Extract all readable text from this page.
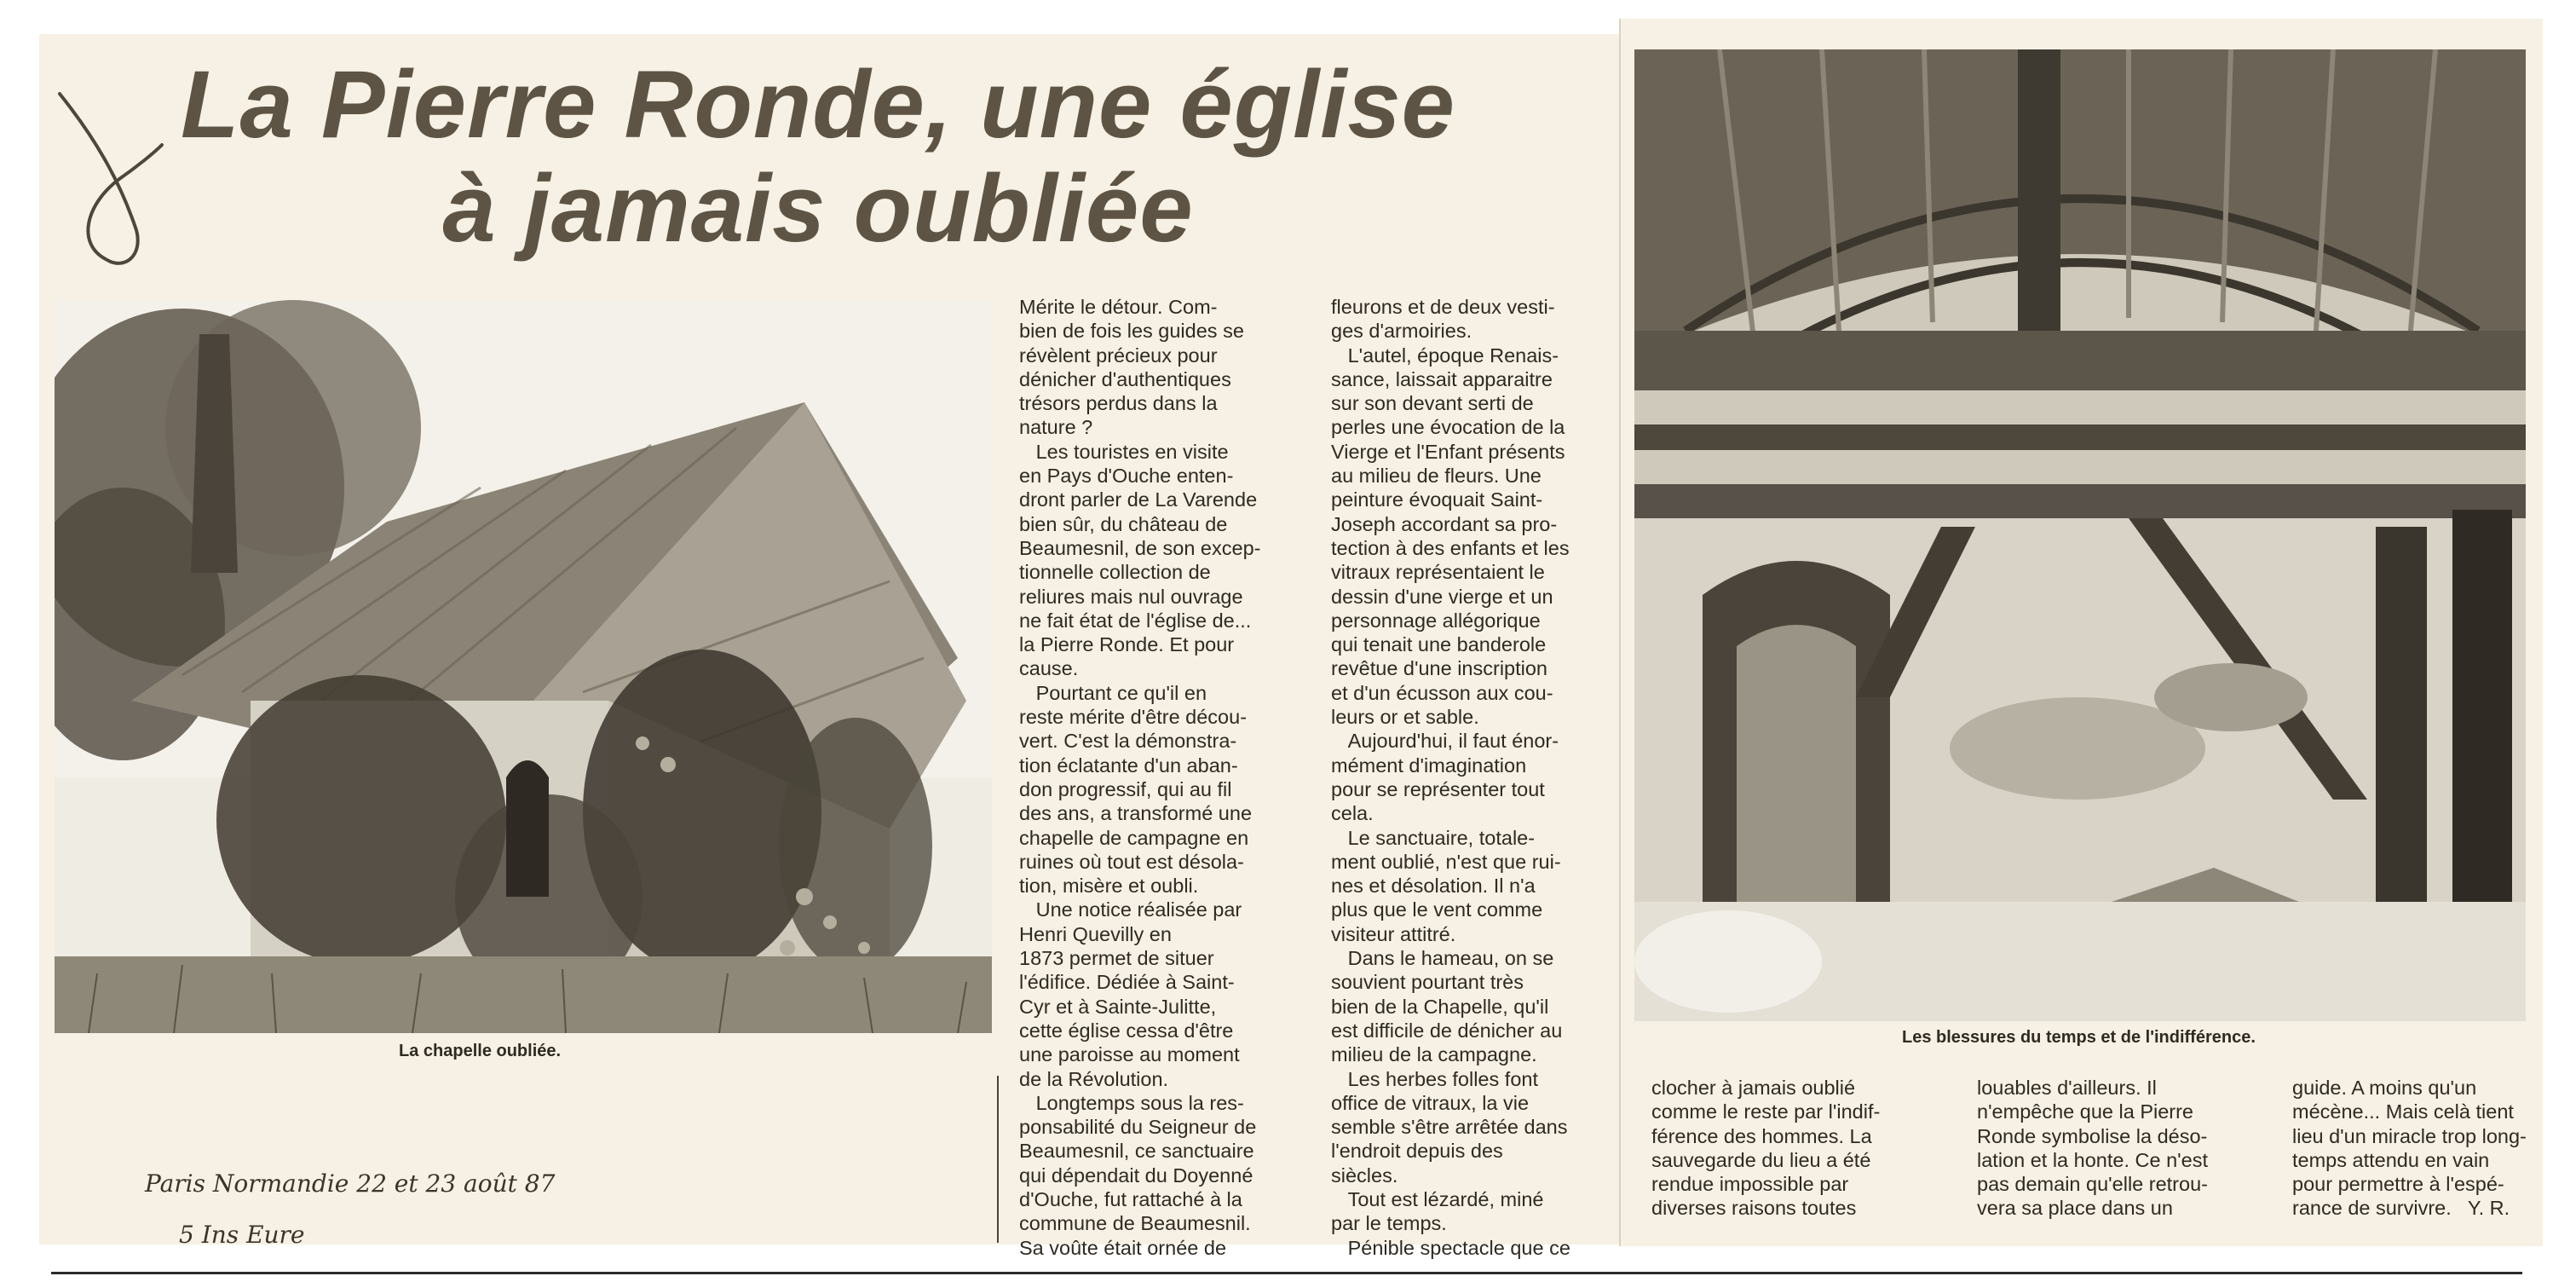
La Pierre Ronde, une église
à jamais oubliée

La chapelle oubliée.

Mérite le détour. Com-
bien de fois les guides se
révèlent précieux pour
dénicher d'authentiques
trésors perdus dans la
nature ?
Les touristes en visite
en Pays d'Ouche enten-
dront parler de La Varende
bien sûr, du château de
Beaumesnil, de son excep-
tionnelle collection de
reliures mais nul ouvrage
ne fait état de l'église de...
la Pierre Ronde. Et pour
cause.
Pourtant ce qu'il en
reste mérite d'être décou-
vert. C'est la démonstra-
tion éclatante d'un aban-
don progressif, qui au fil
des ans, a transformé une
chapelle de campagne en
ruines où tout est désola-
tion, misère et oubli.
Une notice réalisée par
Henri Quevilly en
1873 permet de situer
l'édifice. Dédiée à Saint-
Cyr et à Sainte-Julitte,
cette église cessa d'être
une paroisse au moment
de la Révolution.
Longtemps sous la res-
ponsabilité du Seigneur de
Beaumesnil, ce sanctuaire
qui dépendait du Doyenné
d'Ouche, fut rattaché à la
commune de Beaumesnil.
Sa voûte était ornée de

fleurons et de deux vesti-
ges d'armoiries.
L'autel, époque Renais-
sance, laissait apparaitre
sur son devant serti de
perles une évocation de la
Vierge et l'Enfant présents
au milieu de fleurs. Une
peinture évoquait Saint-
Joseph accordant sa pro-
tection à des enfants et les
vitraux représentaient le
dessin d'une vierge et un
personnage allégorique
qui tenait une banderole
revêtue d'une inscription
et d'un écusson aux cou-
leurs or et sable.
Aujourd'hui, il faut énor-
mément d'imagination
pour se représenter tout
cela.
Le sanctuaire, totale-
ment oublié, n'est que rui-
nes et désolation. Il n'a
plus que le vent comme
visiteur attitré.
Dans le hameau, on se
souvient pourtant très
bien de la Chapelle, qu'il
est difficile de dénicher au
milieu de la campagne.
Les herbes folles font
office de vitraux, la vie
semble s'être arrêtée dans
l'endroit depuis des
siècles.
Tout est lézardé, miné
par le temps.
Pénible spectacle que ce

Les blessures du temps et de l'indifférence.

clocher à jamais oublié
comme le reste par l'indif-
férence des hommes. La
sauvegarde du lieu a été
rendue impossible par
diverses raisons toutes

louables d'ailleurs. Il
n'empêche que la Pierre
Ronde symbolise la déso-
lation et la honte. Ce n'est
pas demain qu'elle retrou-
vera sa place dans un

guide. A moins qu'un
mécène... Mais celà tient
lieu d'un miracle trop long-
temps attendu en vain
pour permettre à l'espé-
rance de survivre.   Y. R.

Paris Normandie 22 et 23 août 87

5 Ins Eure
